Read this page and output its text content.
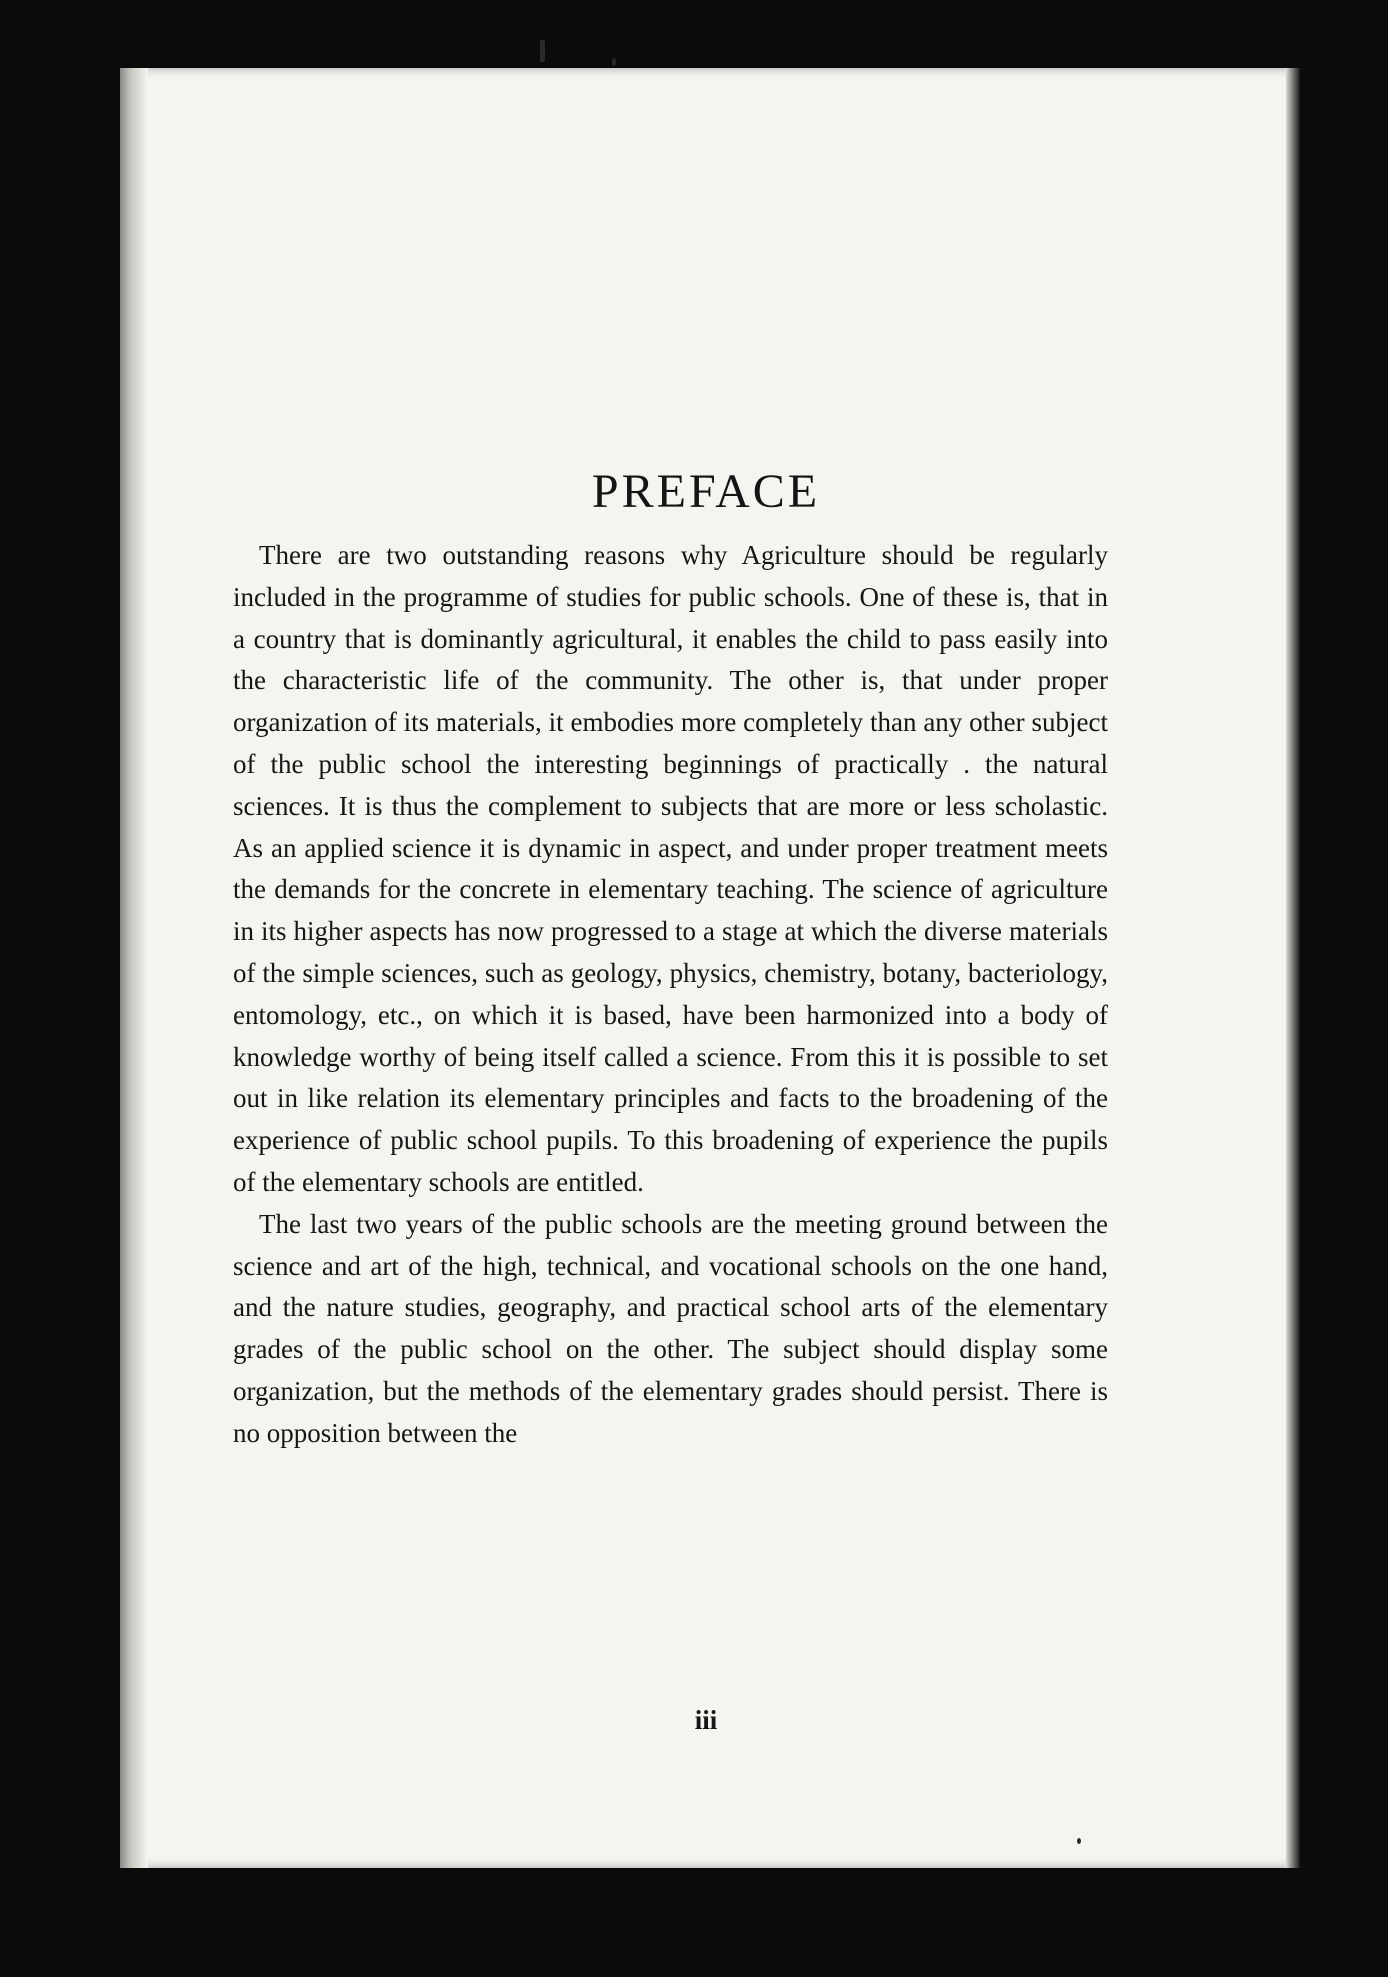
PREFACE

There are two outstanding reasons why Agriculture should be regularly included in the programme of studies for public schools. One of these is, that in a country that is dominantly agricultural, it enables the child to pass easily into the characteristic life of the community. The other is, that under proper organization of its materials, it embodies more completely than any other subject of the public school the interesting beginnings of practically . the natural sciences. It is thus the complement to subjects that are more or less scholastic. As an applied science it is dynamic in aspect, and under proper treatment meets the demands for the concrete in elementary teaching. The science of agriculture in its higher aspects has now progressed to a stage at which the diverse materials of the simple sciences, such as geology, physics, chemistry, botany, bacteriology, entomology, etc., on which it is based, have been harmonized into a body of knowledge worthy of being itself called a science. From this it is possible to set out in like relation its elementary principles and facts to the broadening of the experience of public school pupils. To this broadening of experience the pupils of the elementary schools are entitled.

The last two years of the public schools are the meeting ground between the science and art of the high, technical, and vocational schools on the one hand, and the nature studies, geography, and practical school arts of the elementary grades of the public school on the other. The subject should display some organization, but the methods of the elementary grades should persist. There is no opposition between the

iii
